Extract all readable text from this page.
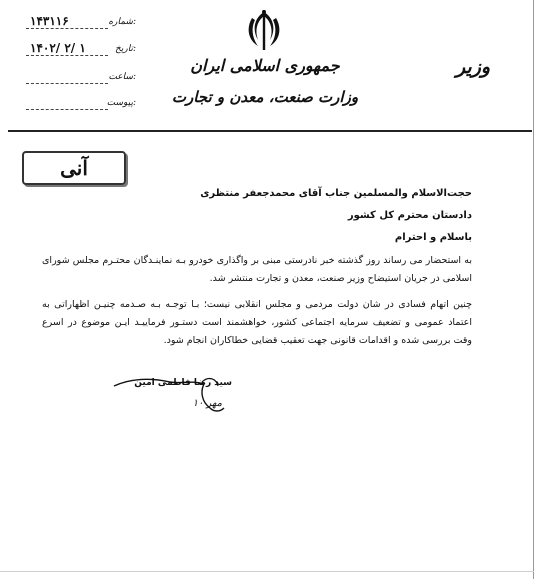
۱۴۳۱۱۶	شماره:
۱۴۰۲/ ۲/ ۱	تاریخ:
ساعت:
پیوست:
جمهوری اسلامی ایران
وزارت صنعت، معدن و تجارت
وزیر
آنی
حجت‌الاسلام والمسلمین جناب آقای محمدجعفر منتظری
دادستان محترم کل کشور
باسلام و احترام
به استحضار می رساند روز گذشته خبر نادرستی مبنی بر واگذاری خودرو بـه نماینـدگان محتـرم مجلس شورای اسلامی در جریان استیضاح وزیر صنعت، معدن و تجارت منتشر شد.
چنین اتهام فسادی در شان دولت مردمی و مجلس انقلابی نیست؛ بـا توجـه بـه صـدمه چنیـن اظهاراتی به اعتماد عمومی و تضعیف سرمایه اجتماعی کشور، خواهشمند است دستـور فرماییـد ایـن موضوع در اسرع وقت بررسی شده و اقدامات قانونی جهت تعقیب قضایی خطاکاران انجام شود.
سید رضا فاطمی امین
مهر ۱۰
